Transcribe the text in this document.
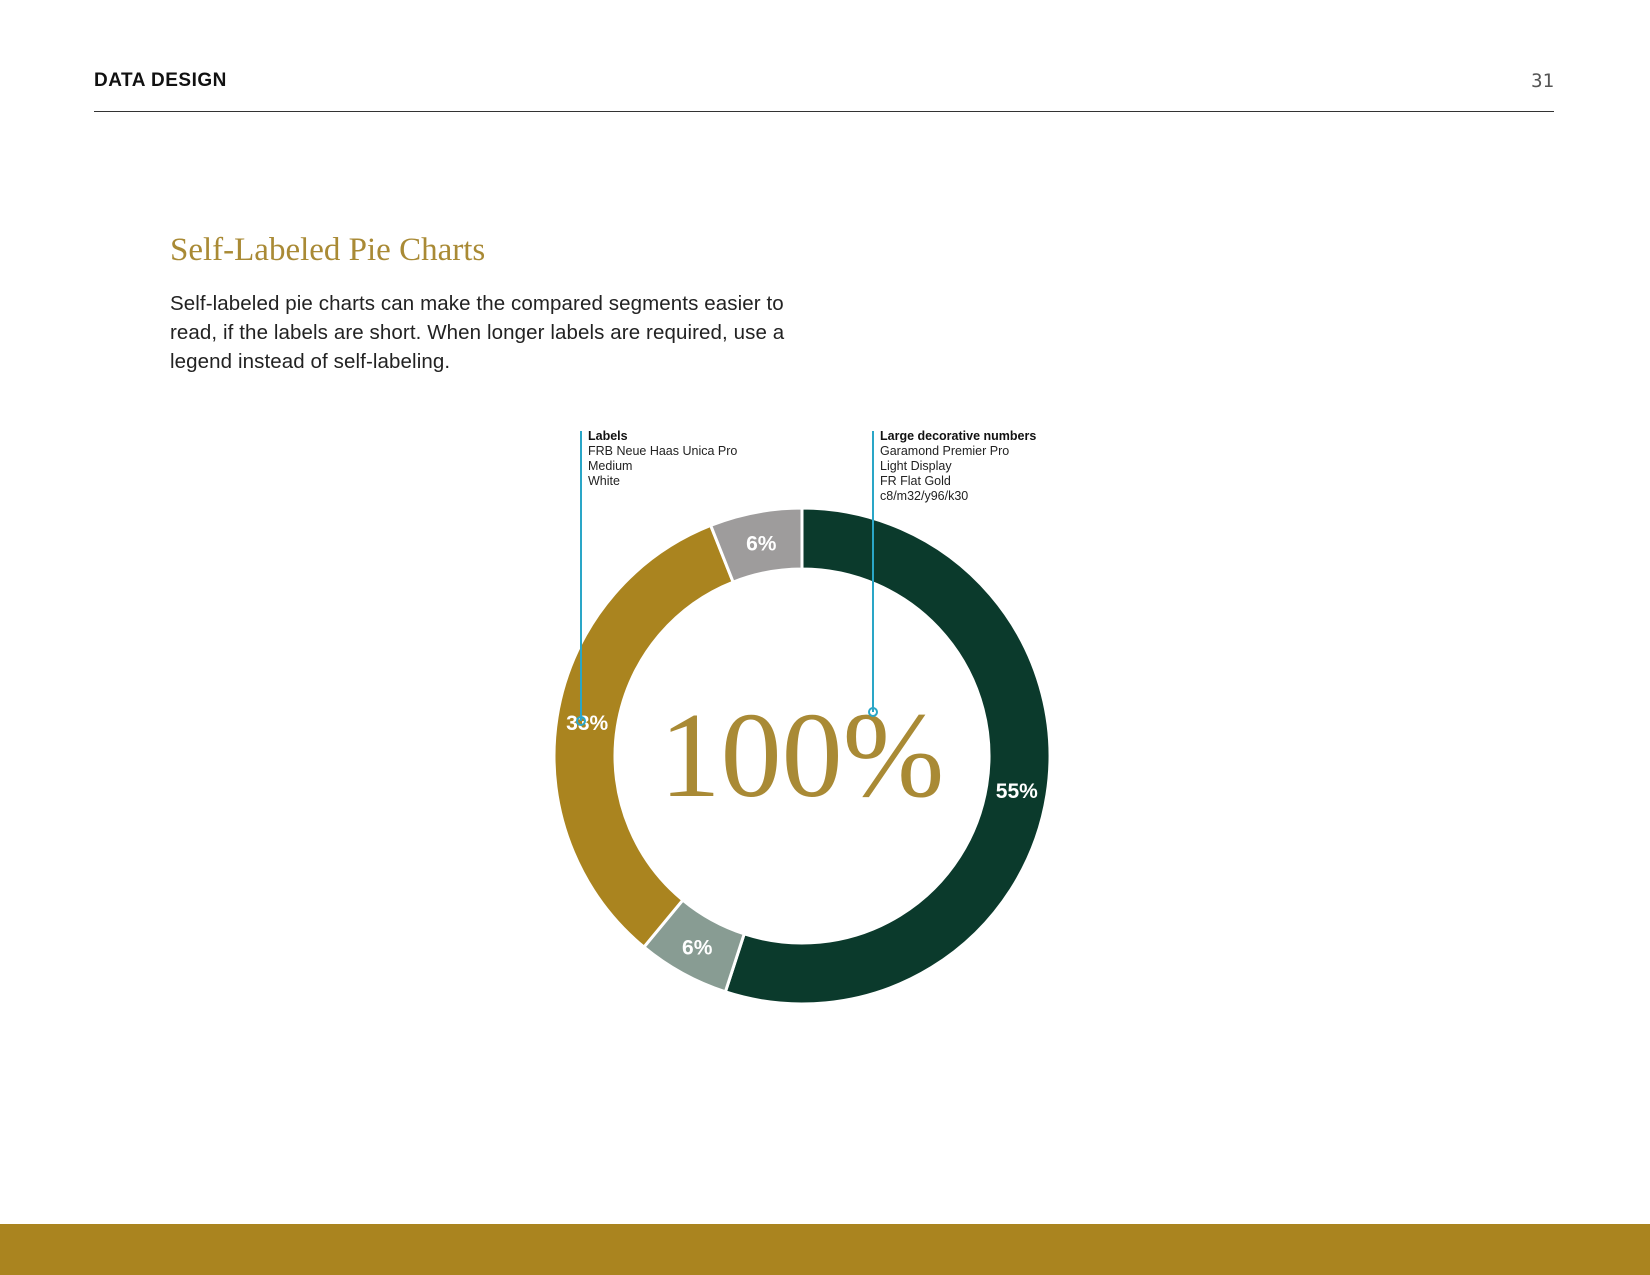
DATA DESIGN	31
Self-Labeled Pie Charts
Self-labeled pie charts can make the compared segments easier to read, if the labels are short. When longer labels are required, use a legend instead of self-labeling.
55%
6%
33%
6%
100%
Labels
FRB Neue Haas Unica Pro
Medium
White
Large decorative numbers
Garamond Premier Pro
Light Display
FR Flat Gold
c8/m32/y96/k30
